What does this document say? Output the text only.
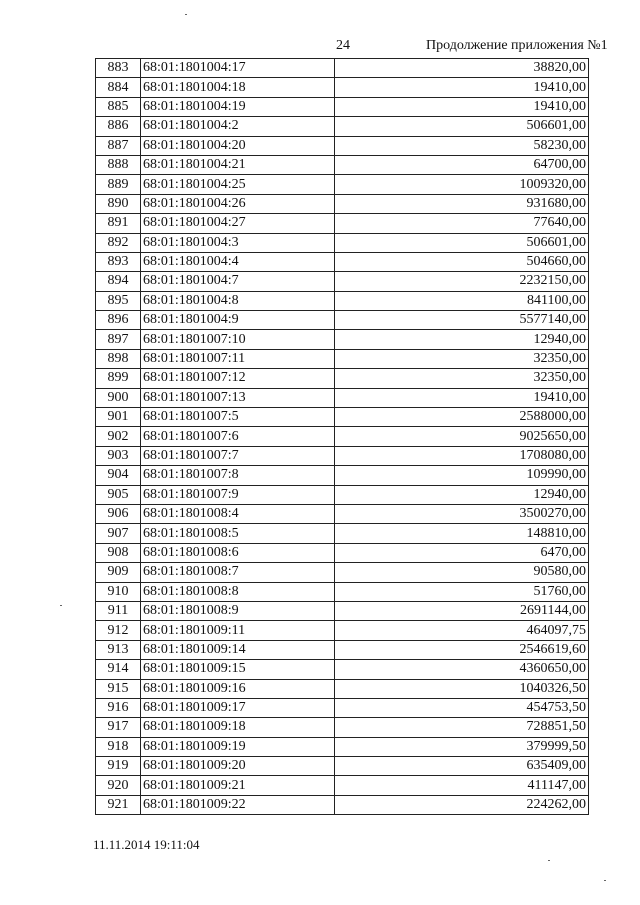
24	Продолжение приложения №1
883	68:01:1801004:17	38820,00
884	68:01:1801004:18	19410,00
885	68:01:1801004:19	19410,00
886	68:01:1801004:2	506601,00
887	68:01:1801004:20	58230,00
888	68:01:1801004:21	64700,00
889	68:01:1801004:25	1009320,00
890	68:01:1801004:26	931680,00
891	68:01:1801004:27	77640,00
892	68:01:1801004:3	506601,00
893	68:01:1801004:4	504660,00
894	68:01:1801004:7	2232150,00
895	68:01:1801004:8	841100,00
896	68:01:1801004:9	5577140,00
897	68:01:1801007:10	12940,00
898	68:01:1801007:11	32350,00
899	68:01:1801007:12	32350,00
900	68:01:1801007:13	19410,00
901	68:01:1801007:5	2588000,00
902	68:01:1801007:6	9025650,00
903	68:01:1801007:7	1708080,00
904	68:01:1801007:8	109990,00
905	68:01:1801007:9	12940,00
906	68:01:1801008:4	3500270,00
907	68:01:1801008:5	148810,00
908	68:01:1801008:6	6470,00
909	68:01:1801008:7	90580,00
910	68:01:1801008:8	51760,00
911	68:01:1801008:9	2691144,00
912	68:01:1801009:11	464097,75
913	68:01:1801009:14	2546619,60
914	68:01:1801009:15	4360650,00
915	68:01:1801009:16	1040326,50
916	68:01:1801009:17	454753,50
917	68:01:1801009:18	728851,50
918	68:01:1801009:19	379999,50
919	68:01:1801009:20	635409,00
920	68:01:1801009:21	411147,00
921	68:01:1801009:22	224262,00
11.11.2014 19:11:04
